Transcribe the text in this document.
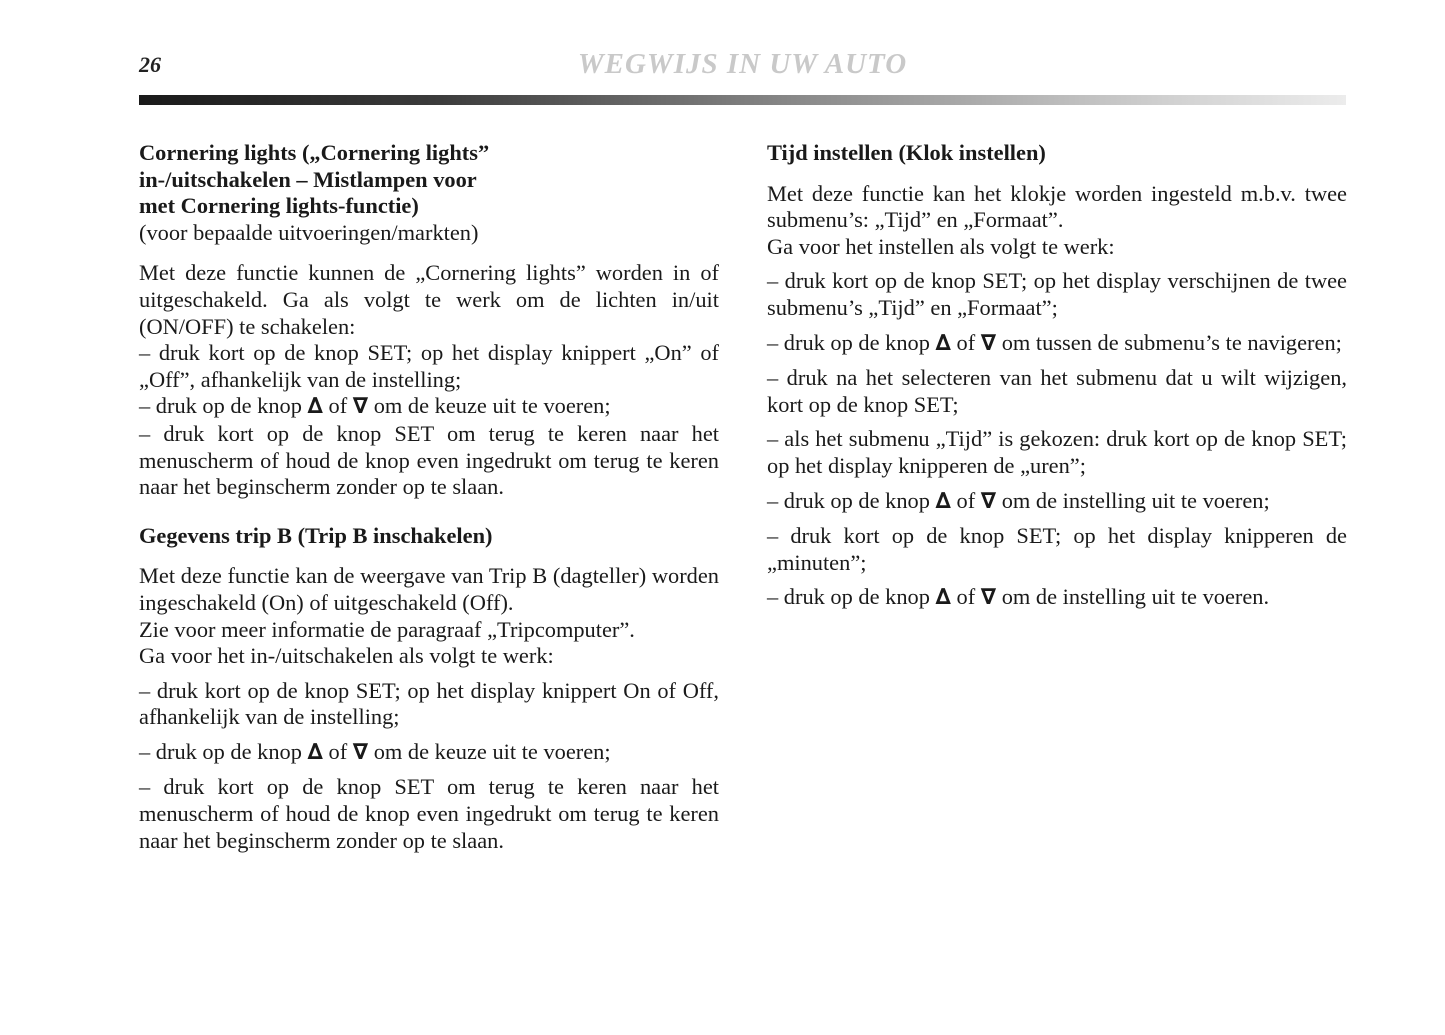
26	WEGWIJS IN UW AUTO

Cornering lights („Cornering lights”

in-/uitschakelen – Mistlampen voor

met Cornering lights-functie)

(voor bepaalde uitvoeringen/markten)

Met deze functie kunnen de „Cornering lights” worden in of uitgeschakeld. Ga als volgt te werk om de lichten in/uit (ON/OFF) te schakelen:

– druk kort op de knop SET; op het display knippert „On” of „Off”, afhankelijk van de instelling;

– druk op de knop ∆ of ∇ om de keuze uit te voeren;

– druk kort op de knop SET om terug te keren naar het menuscherm of houd de knop even ingedrukt om terug te keren naar het beginscherm zonder op te slaan.

Gegevens trip B (Trip B inschakelen)

Met deze functie kan de weergave van Trip B (dagteller) worden ingeschakeld (On) of uitgeschakeld (Off).

Zie voor meer informatie de paragraaf „Tripcomputer”.

Ga voor het in-/uitschakelen als volgt te werk:

– druk kort op de knop SET; op het display knippert On of Off, afhankelijk van de instelling;

– druk op de knop ∆ of ∇ om de keuze uit te voeren;

– druk kort op de knop SET om terug te keren naar het menuscherm of houd de knop even ingedrukt om terug te keren naar het beginscherm zonder op te slaan.

Tijd instellen (Klok instellen)

Met deze functie kan het klokje worden ingesteld m.b.v. twee submenu’s: „Tijd” en „Formaat”.

Ga voor het instellen als volgt te werk:

– druk kort op de knop SET; op het display verschijnen de twee submenu’s „Tijd” en „Formaat”;

– druk op de knop ∆ of ∇ om tussen de submenu’s te navigeren;

– druk na het selecteren van het submenu dat u wilt wijzigen, kort op de knop SET;

– als het submenu „Tijd” is gekozen: druk kort op de knop SET; op het display knipperen de „uren”;

– druk op de knop ∆ of ∇ om de instelling uit te voeren;

– druk kort op de knop SET; op het display knipperen de „minuten”;

– druk op de knop ∆ of ∇ om de instelling uit te voeren.
